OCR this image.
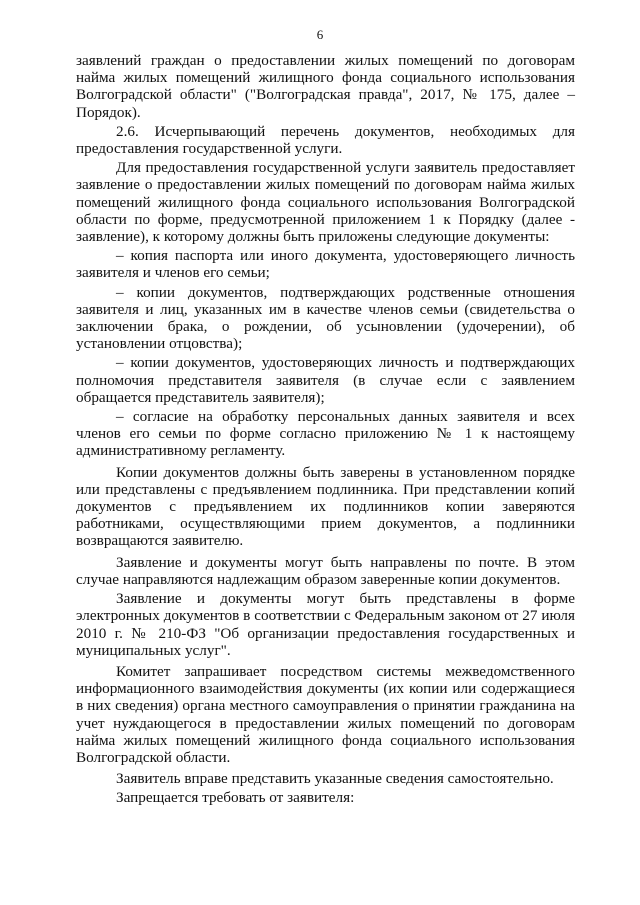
6

заявлений граждан о предоставлении жилых помещений по договорам найма жилых помещений жилищного фонда социального использования Волгоградской области" ("Волгоградская правда", 2017, № 175, далее – Порядок).

2.6. Исчерпывающий перечень документов, необходимых для предоставления государственной услуги.

Для предоставления государственной услуги заявитель предоставляет заявление о предоставлении жилых помещений по договорам найма жилых помещений жилищного фонда социального использования Волгоградской области по форме, предусмотренной приложением 1 к Порядку (далее - заявление), к которому должны быть приложены следующие документы:

– копия паспорта или иного документа, удостоверяющего личность заявителя и членов его семьи;

– копии документов, подтверждающих родственные отношения заявителя и лиц, указанных им в качестве членов семьи (свидетельства о заключении брака, о рождении, об усыновлении (удочерении), об установлении отцовства);

– копии документов, удостоверяющих личность и подтверждающих полномочия представителя заявителя (в случае если с заявлением обращается представитель заявителя);

– согласие на обработку персональных данных заявителя и всех членов его семьи по форме согласно приложению № 1 к настоящему административному регламенту.

Копии документов должны быть заверены в установленном порядке или представлены с предъявлением подлинника. При представлении копий документов с предъявлением их подлинников копии заверяются работниками, осуществляющими прием документов, а подлинники возвращаются заявителю.

Заявление и документы могут быть направлены по почте. В этом случае направляются надлежащим образом заверенные копии документов.

Заявление и документы могут быть представлены в форме электронных документов в соответствии с Федеральным законом от 27 июля 2010 г. № 210-ФЗ "Об организации предоставления государственных и муниципальных услуг".

Комитет запрашивает посредством системы межведомственного информационного взаимодействия документы (их копии или содержащиеся в них сведения) органа местного самоуправления о принятии гражданина на учет нуждающегося в предоставлении жилых помещений по договорам найма жилых помещений жилищного фонда социального использования Волгоградской области.

Заявитель вправе представить указанные сведения самостоятельно.

Запрещается требовать от заявителя:
